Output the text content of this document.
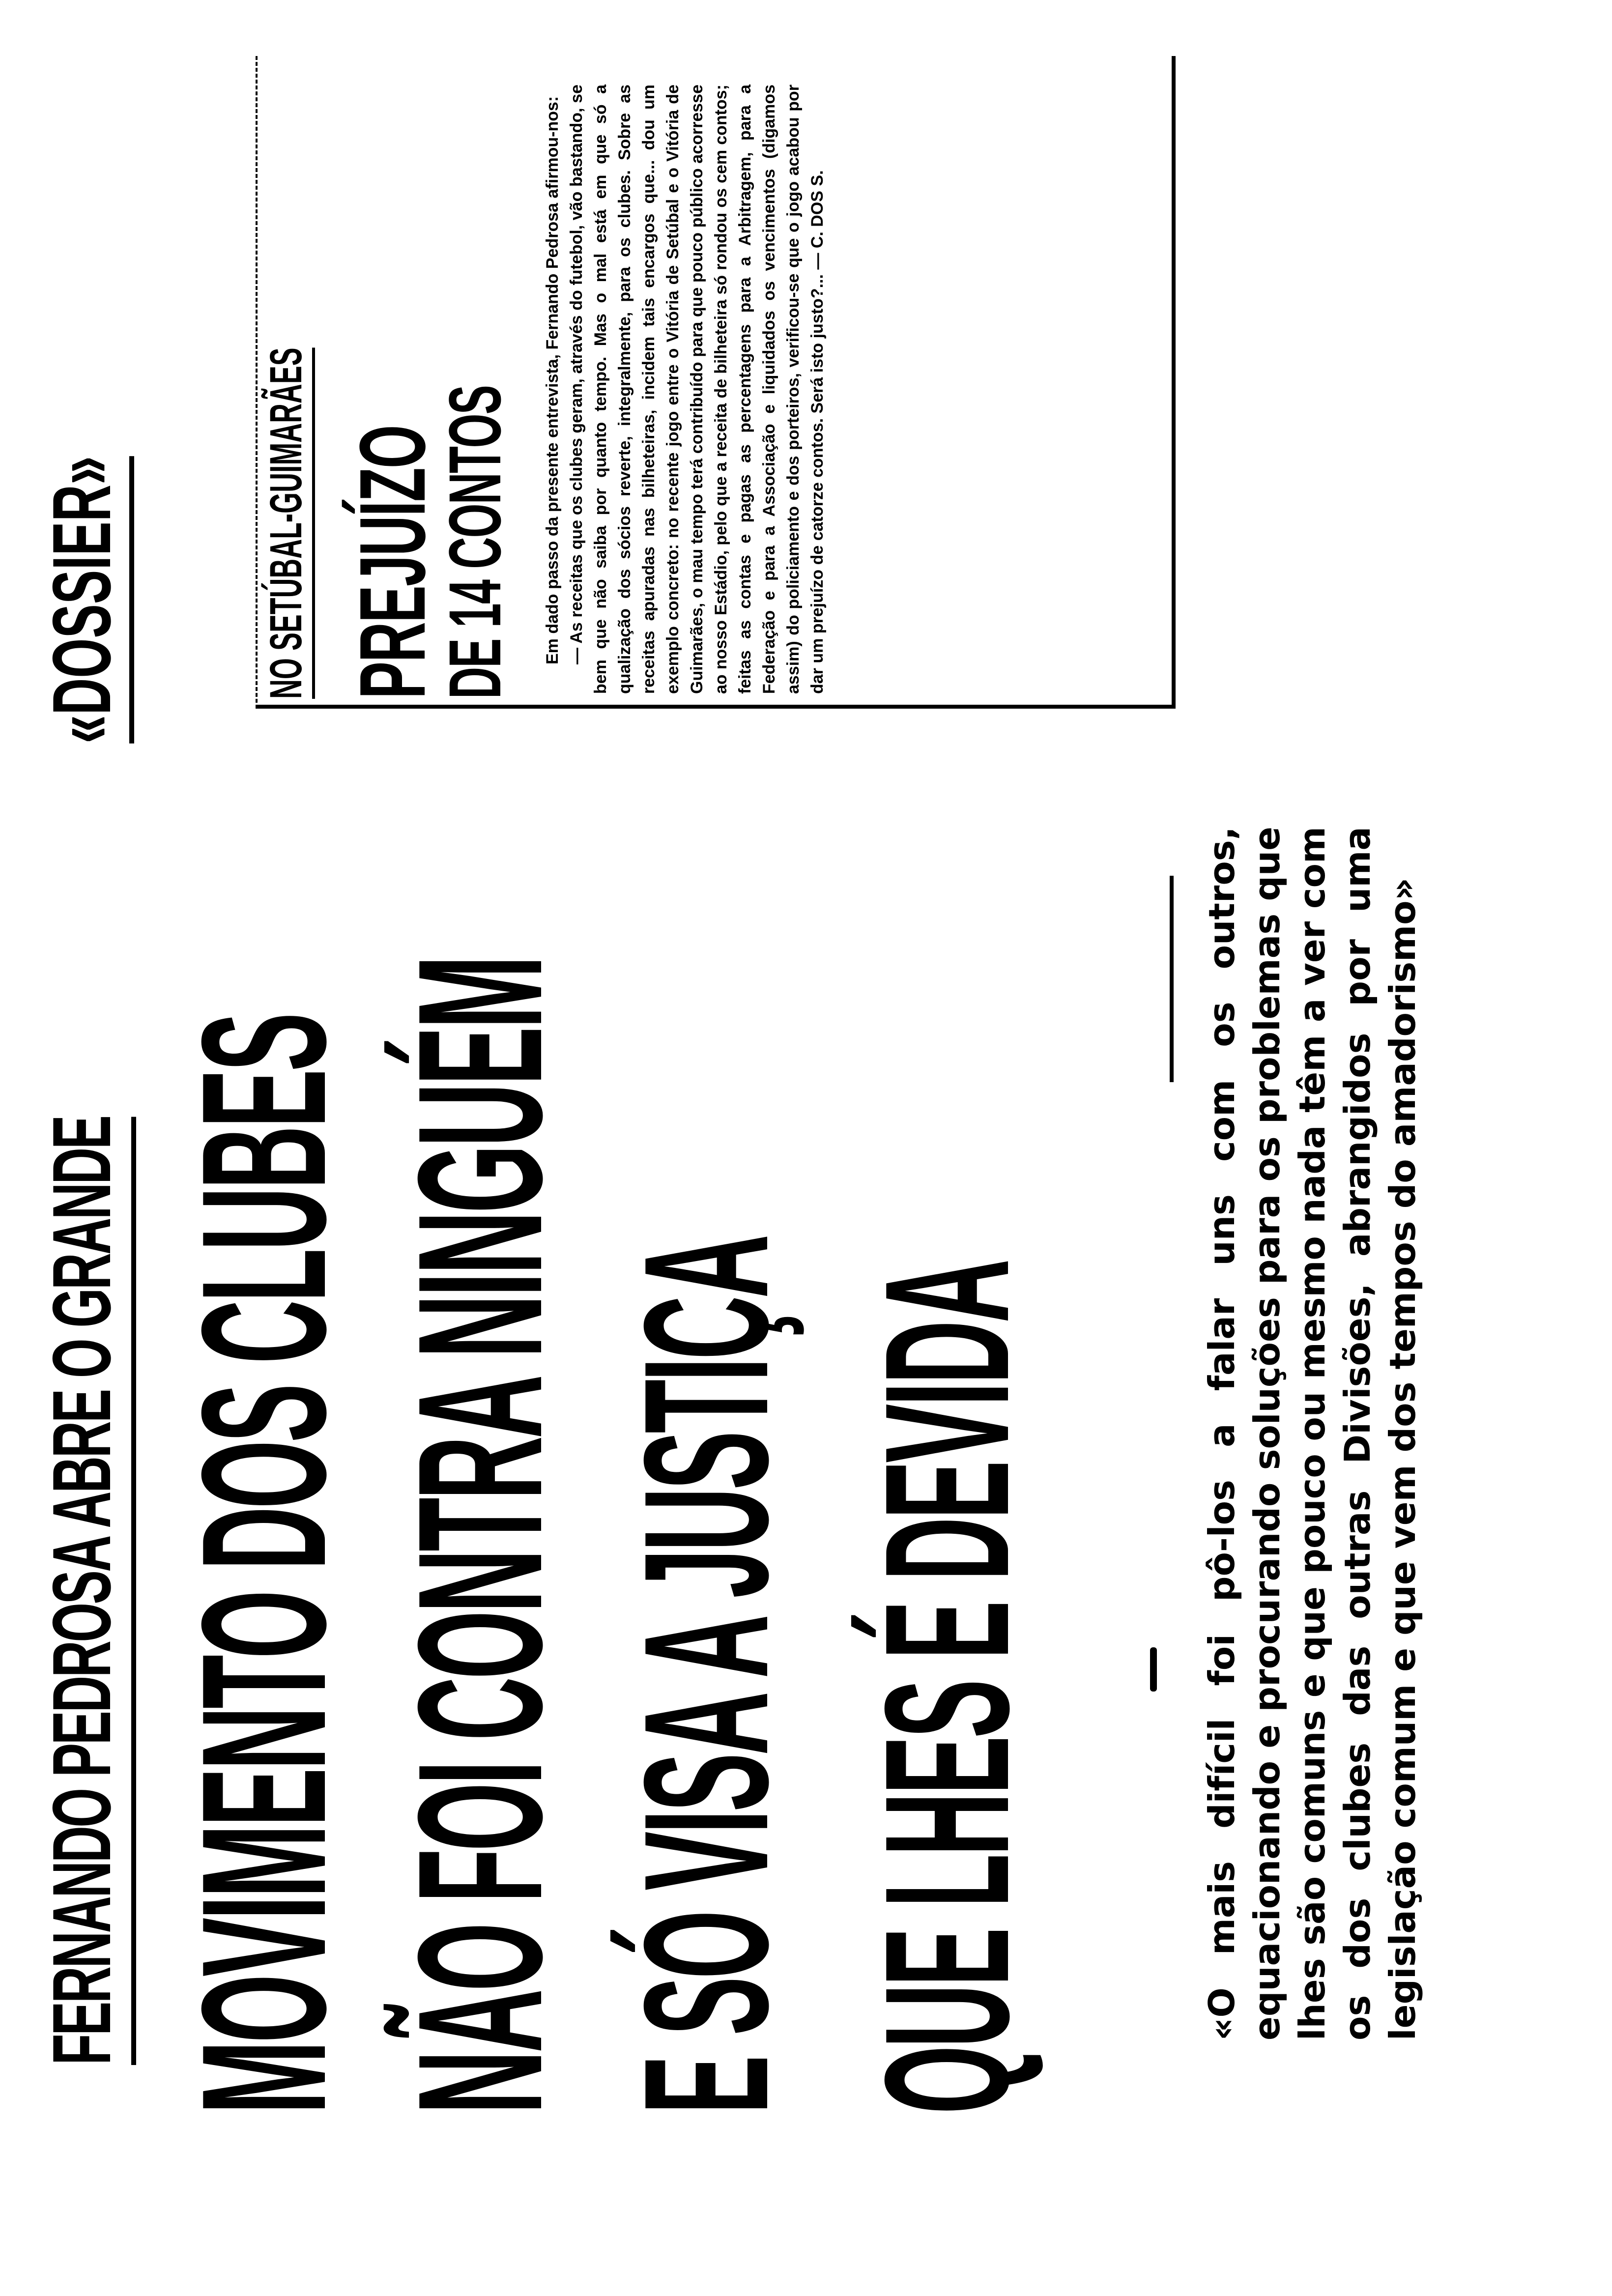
FERNANDO PEDROSA ABRE O GRANDE
«DOSSIER»
MOVIMENTO DOS CLUBES NÃO FOI CONTRA NINGUÉM E SÓ VISA A JUSTIÇA QUE LHES É DEVIDA
NO SETÚBAL-GUIMARÃES PREJUÍZO
DE 14 CONTOS Em dado passo da presente entrevista, Fernando Pedrosa afirmou-nos: — As receitas que os clubes geram, através do futebol, vão bastando, se bem que não saiba por quanto tempo. Mas o mal está em que só a qualização dos sócios reverte, integralmente, para os clubes. Sobre as receitas apuradas nas bilheteiras, incidem tais encargos que... dou um exemplo concreto: no recente jogo entre o Vitória de Setúbal e o Vitória de Guimarães, o mau tempo terá contribuído para que pouco público acorresse ao nosso Estádio, pelo que a receita de bilheteira só rondou os cem contos; feitas as contas e pagas as percentagens para a Arbitragem, para a Federação e para a Associação e liquidados os vencimentos (digamos assim) do policiamento e dos porteiros, verificou-se que o jogo acabou por dar um prejuízo de catorze contos. Será isto justo?... — C. DOS S.

«O mais difícil foi pô-los a falar uns com os outros, equacionando e procurando soluções para os problemas que lhes são comuns e que pouco ou mesmo nada têm a ver com os dos clubes das outras Divisões, abrangidos por uma legislação comum e que vem dos tempos do amadorismo»
